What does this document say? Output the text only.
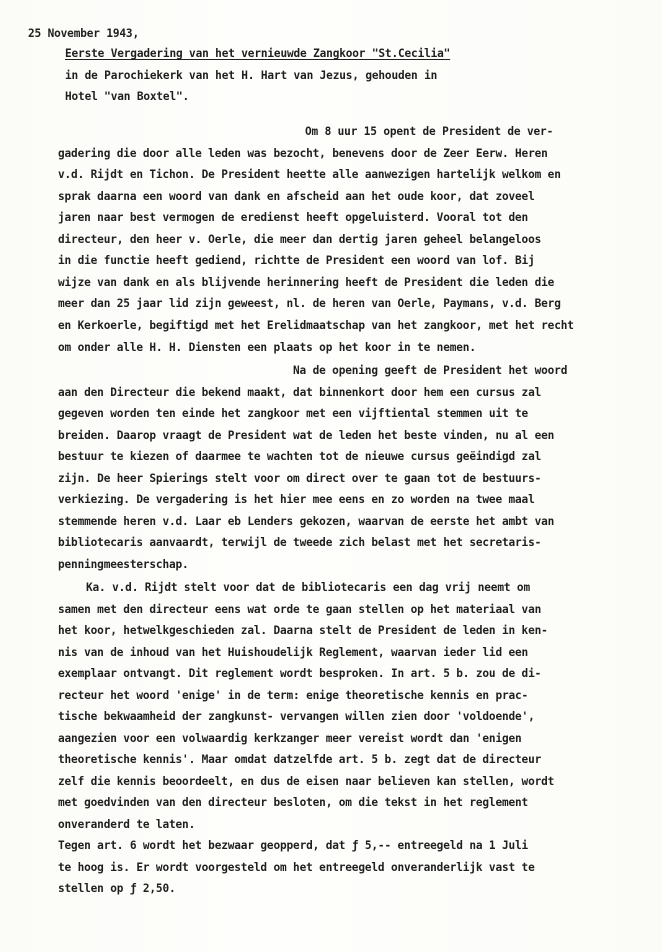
25 November 1943,
Eerste Vergadering van het vernieuwde Zangkoor "St.Cecilia"
in de Parochiekerk van het H. Hart van Jezus, gehouden in
Hotel "van Boxtel".
Om 8 uur 15 opent de President de ver-
gadering die door alle leden was bezocht, benevens door de Zeer Eerw. Heren
v.d. Rijdt en Tichon. De President heette alle aanwezigen hartelijk welkom en
sprak daarna een woord van dank en afscheid aan het oude koor, dat zoveel
jaren naar best vermogen de eredienst heeft opgeluisterd. Vooral tot den
directeur, den heer v. Oerle, die meer dan dertig jaren geheel belangeloos
in die functie heeft gediend, richtte de President een woord van lof. Bij
wijze van dank en als blijvende herinnering heeft de President die leden die
meer dan 25 jaar lid zijn geweest, nl. de heren van Oerle, Paymans, v.d. Berg
en Kerkoerle, begiftigd met het Erelidmaatschap van het zangkoor, met het recht
om onder alle H. H. Diensten een plaats op het koor in te nemen.
Na de opening geeft de President het woord
aan den Directeur die bekend maakt, dat binnenkort door hem een cursus zal
gegeven worden ten einde het zangkoor met een vijftiental stemmen uit te
breiden. Daarop vraagt de President wat de leden het beste vinden, nu al een
bestuur te kiezen of daarmee te wachten tot de nieuwe cursus geëindigd zal
zijn. De heer Spierings stelt voor om direct over te gaan tot de bestuurs-
verkiezing. De vergadering is het hier mee eens en zo worden na twee maal
stemmende heren v.d. Laar eb Lenders gekozen, waarvan de eerste het ambt van
bibliotecaris aanvaardt, terwijl de tweede zich belast met het secretaris-
penningmeesterschap.
Ka. v.d. Rijdt stelt voor dat de bibliotecaris een dag vrij neemt om
samen met den directeur eens wat orde te gaan stellen op het materiaal van
het koor, hetwelkgeschieden zal. Daarna stelt de President de leden in ken-
nis van de inhoud van het Huishoudelijk Reglement, waarvan ieder lid een
exemplaar ontvangt. Dit reglement wordt besproken. In art. 5 b. zou de di-
recteur het woord 'enige' in de term: enige theoretische kennis en prac-
tische bekwaamheid der zangkunst- vervangen willen zien door 'voldoende',
aangezien voor een volwaardig kerkzanger meer vereist wordt dan 'enigen
theoretische kennis'. Maar omdat datzelfde art. 5 b. zegt dat de directeur
zelf die kennis beoordeelt, en dus de eisen naar believen kan stellen, wordt
met goedvinden van den directeur besloten, om die tekst in het reglement
onveranderd te laten.
Tegen art. 6 wordt het bezwaar geopperd, dat ƒ 5,-- entreegeld na 1 Juli
te hoog is. Er wordt voorgesteld om het entreegeld onveranderlijk vast te
stellen op ƒ 2,50.
